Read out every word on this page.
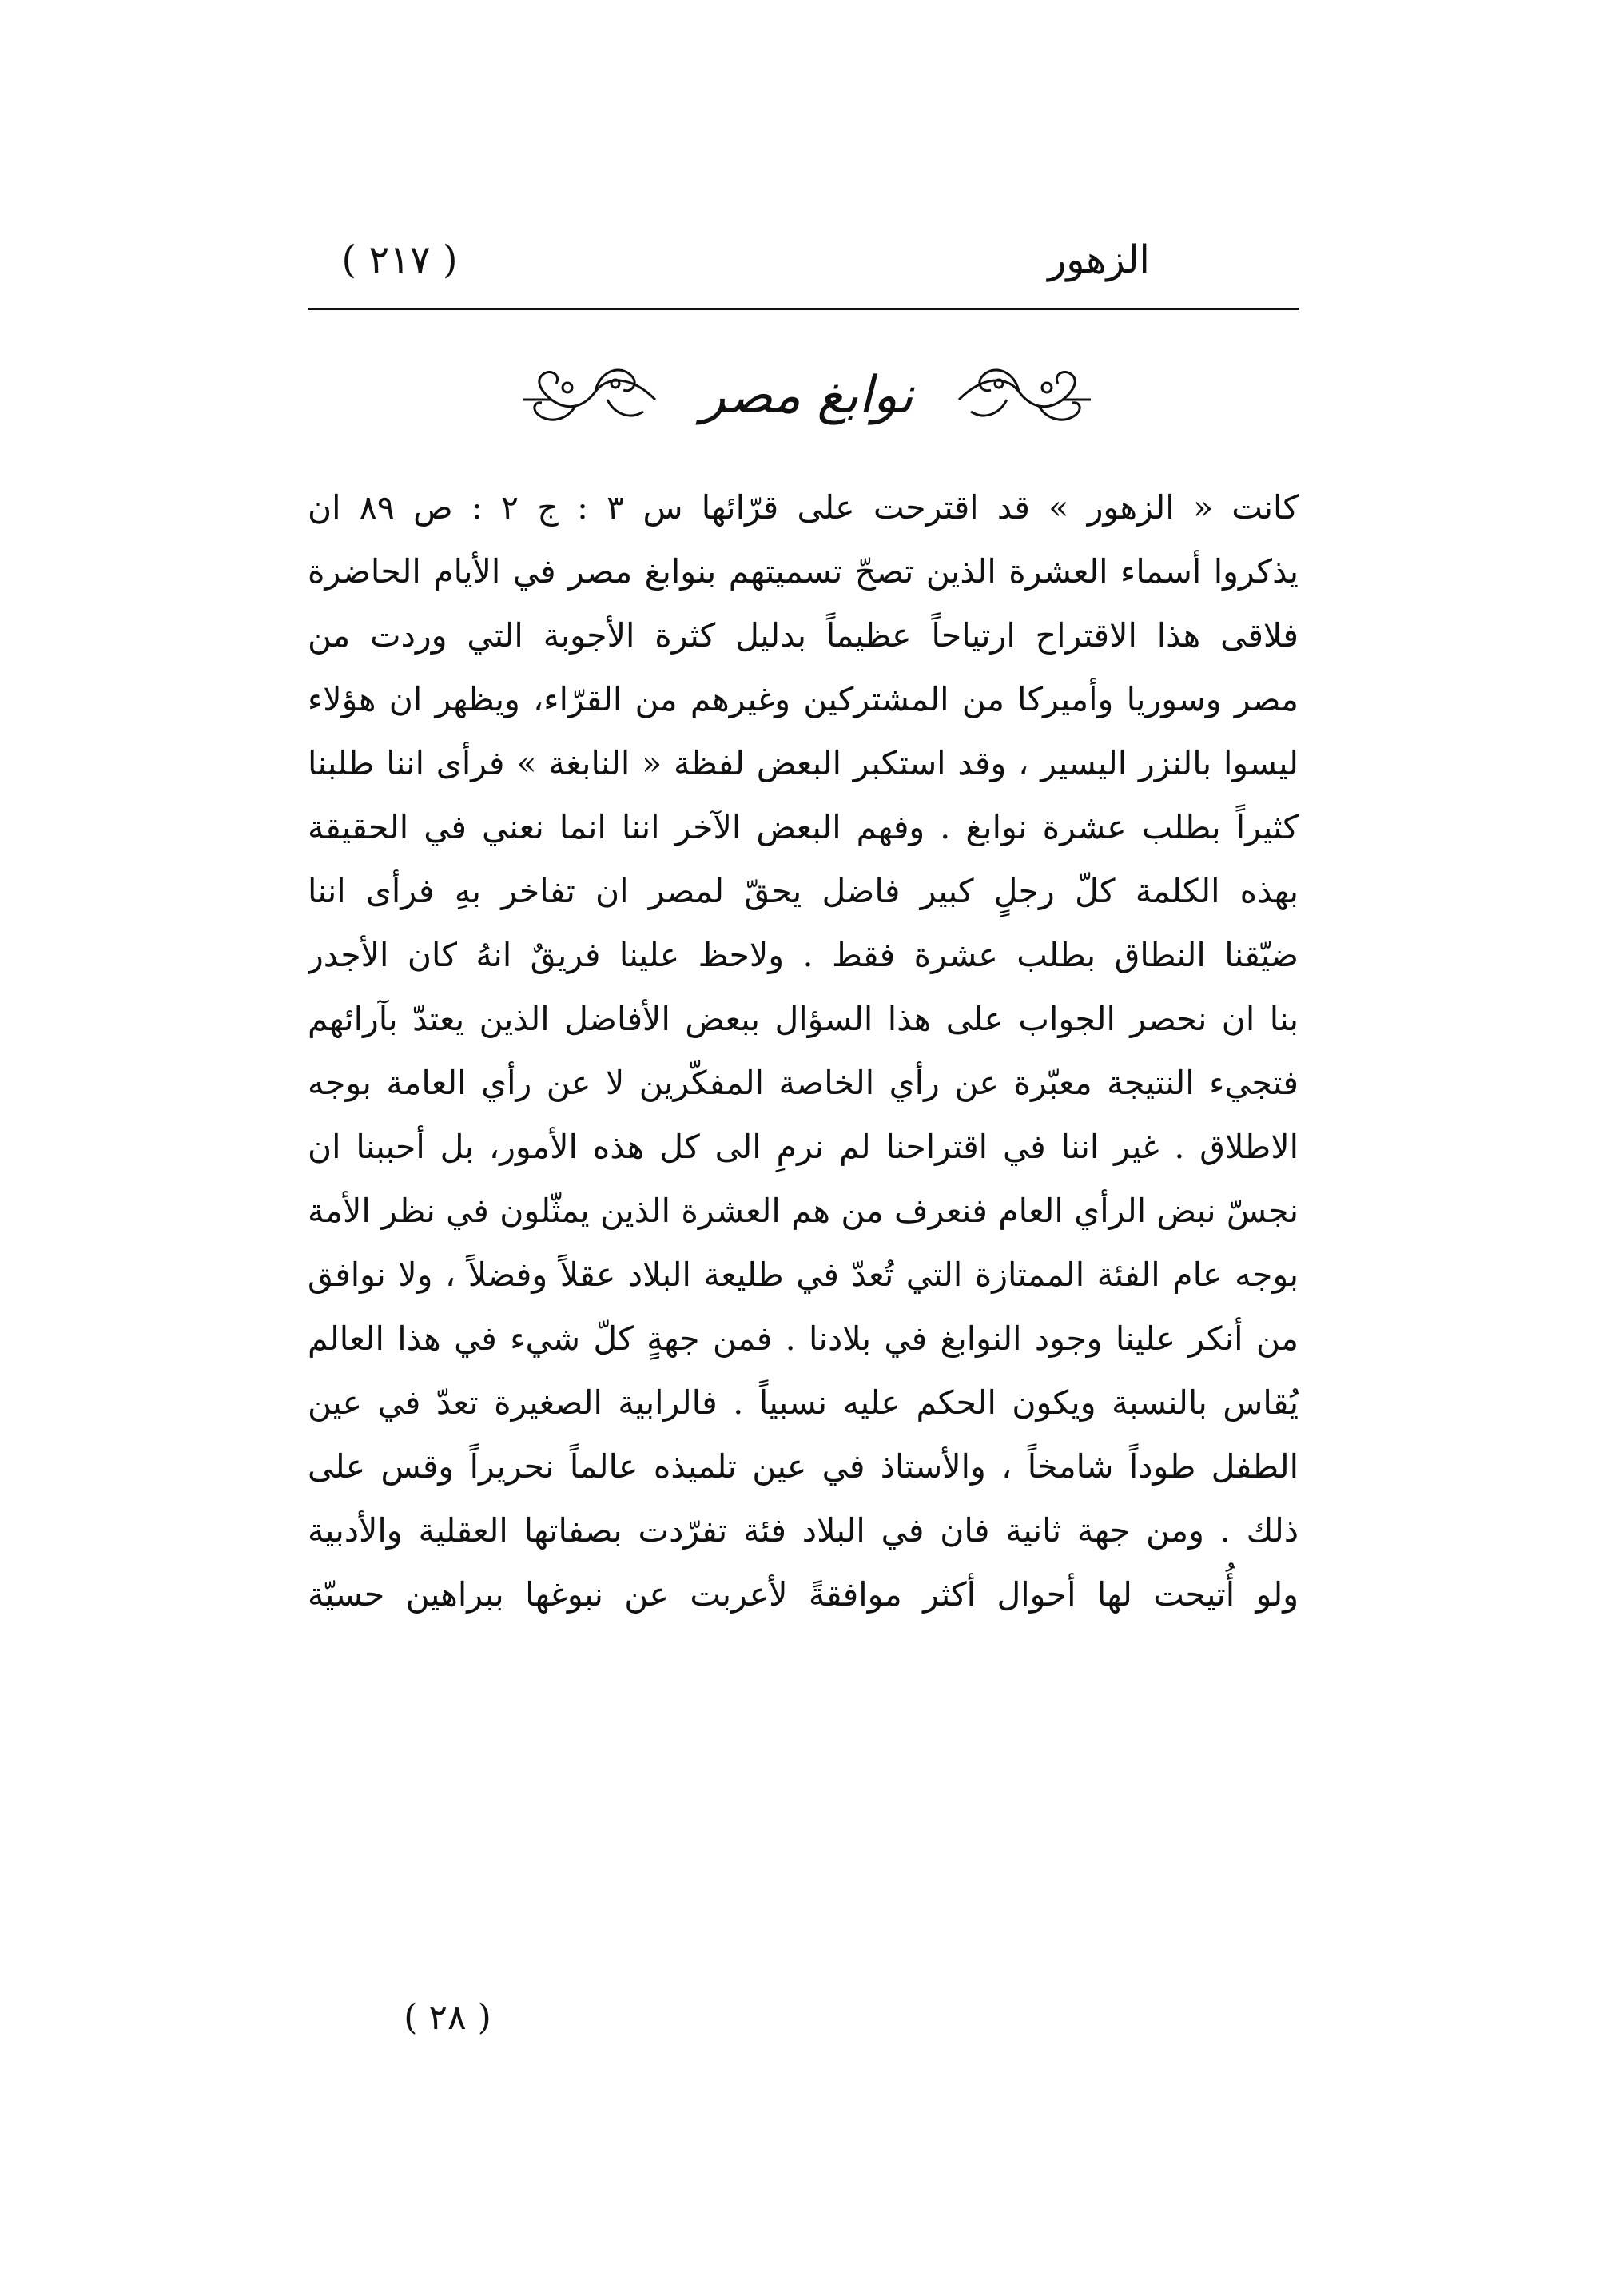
( ٢١٧ )	الزهور
نوابغ مصر
كانت « الزهور » قد اقترحت على قرّائها س ٣ : ج ٢ : ص ٨٩ ان
يذكروا أسماء العشرة الذين تصحّ تسميتهم بنوابغ مصر في الأيام الحاضرة
فلاقى هذا الاقتراح ارتياحاً عظيماً بدليل كثرة الأجوبة التي وردت من
مصر وسوريا وأميركا من المشتركين وغيرهم من القرّاء، ويظهر ان هؤلاء
ليسوا بالنزر اليسير ، وقد استكبر البعض لفظة « النابغة » فرأى اننا طلبنا
كثيراً بطلب عشرة نوابغ . وفهم البعض الآخر اننا انما نعني في الحقيقة
بهذه الكلمة كلّ رجلٍ كبير فاضل يحقّ لمصر ان تفاخر بهِ فرأى اننا
ضيّقنا النطاق بطلب عشرة فقط . ولاحظ علينا فريقٌ انهُ كان الأجدر
بنا ان نحصر الجواب على هذا السؤال ببعض الأفاضل الذين يعتدّ بآرائهم
فتجيء النتيجة معبّرة عن رأي الخاصة المفكّرين لا عن رأي العامة بوجه
الاطلاق . غير اننا في اقتراحنا لم نرمِ الى كل هذه الأمور، بل أحببنا ان
نجسّ نبض الرأي العام فنعرف من هم العشرة الذين يمثّلون في نظر الأمة
بوجه عام الفئة الممتازة التي تُعدّ في طليعة البلاد عقلاً وفضلاً ، ولا نوافق
من أنكر علينا وجود النوابغ في بلادنا . فمن جهةٍ كلّ شيء في هذا العالم
يُقاس بالنسبة ويكون الحكم عليه نسبياً . فالرابية الصغيرة تعدّ في عين
الطفل طوداً شامخاً ، والأستاذ في عين تلميذه عالماً نحريراً وقس على
ذلك . ومن جهة ثانية فان في البلاد فئة تفرّدت بصفاتها العقلية والأدبية
ولو أُتيحت لها أحوال أكثر موافقةً لأعربت عن نبوغها ببراهين حسيّة
( ٢٨ )
